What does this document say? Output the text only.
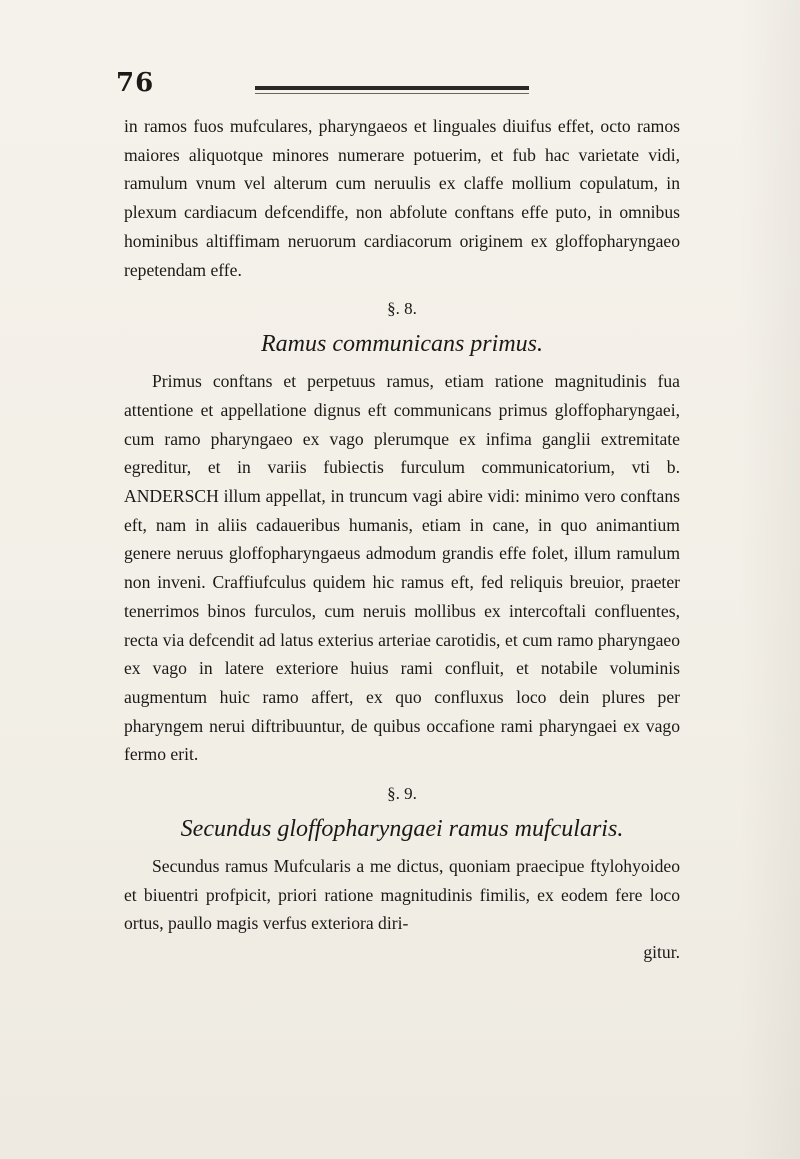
76

in ramos fuos mufculares, pharyngaeos et linguales diuifus effet, octo ramos maiores aliquotque minores numerare potuerim, et fub hac varietate vidi, ramulum vnum vel alterum cum neruulis ex claffe mollium copulatum, in plexum cardiacum defcendiffe, non abfolute conftans effe puto, in omnibus hominibus altiffimam neruorum cardiacorum originem ex gloffopharyngaeo repetendam effe.

§. 8.

Ramus communicans primus.

Primus conftans et perpetuus ramus, etiam ratione magnitudinis fua attentione et appellatione dignus eft communicans primus gloffopharyngaei, cum ramo pharyngaeo ex vago plerumque ex infima ganglii extremitate egreditur, et in variis fubiectis furculum communicatorium, vti b. ANDERSCH illum appellat, in truncum vagi abire vidi: minimo vero conftans eft, nam in aliis cadaueribus humanis, etiam in cane, in quo animantium genere neruus gloffopharyngaeus admodum grandis effe folet, illum ramulum non inveni. Craffiufculus quidem hic ramus eft, fed reliquis breuior, praeter tenerrimos binos furculos, cum neruis mollibus ex intercoftali confluentes, recta via defcendit ad latus exterius arteriae carotidis, et cum ramo pharyngaeo ex vago in latere exteriore huius rami confluit, et notabile voluminis augmentum huic ramo affert, ex quo confluxus loco dein plures per pharyngem nerui diftribuuntur, de quibus occafione rami pharyngaei ex vago fermo erit.

§. 9.

Secundus gloffopharyngaei ramus mufcularis.

Secundus ramus Mufcularis a me dictus, quoniam praecipue ftylohyoideo et biuentri profpicit, priori ratione magnitudinis fimilis, ex eodem fere loco ortus, paullo magis verfus exteriora diri-

gitur.
